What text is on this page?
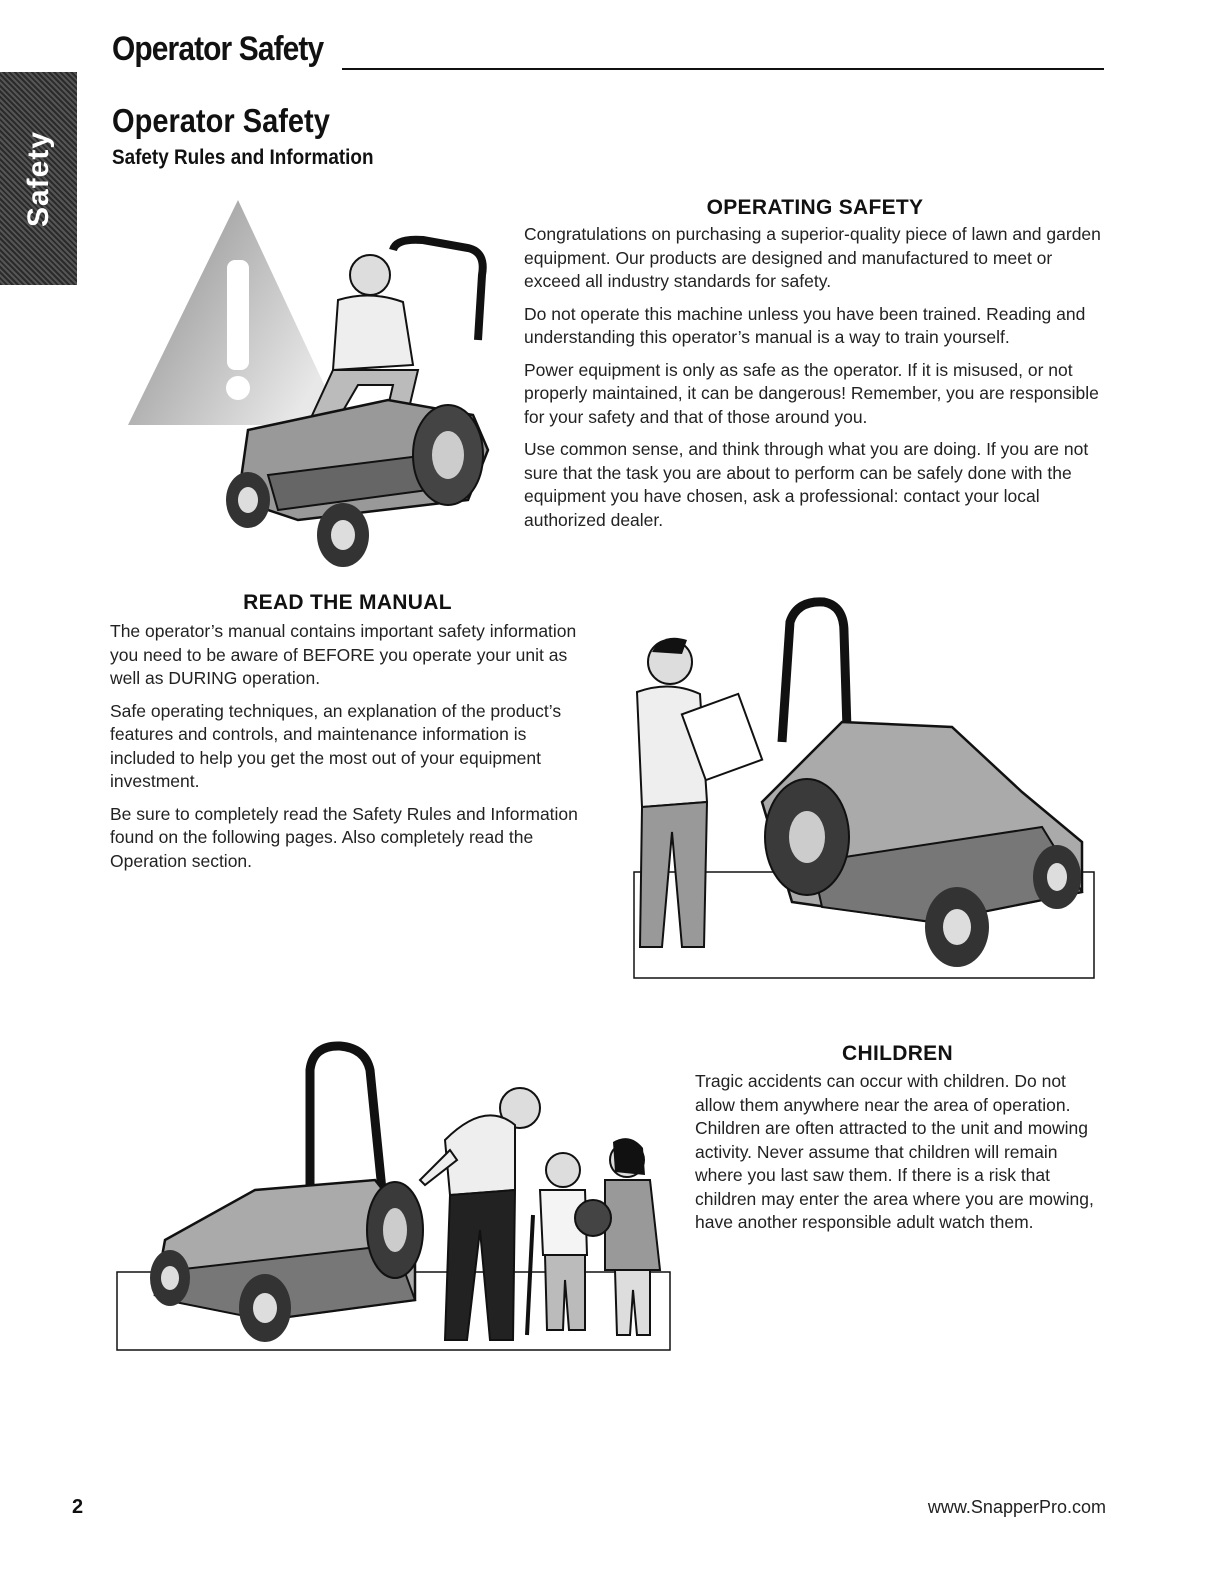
Operator Safety
Safety
Operator Safety
Safety Rules and Information
OPERATING SAFETY

Congratulations on purchasing a superior-quality piece of lawn and garden equipment. Our products are designed and manufactured to meet or exceed all industry standards for safety.

Do not operate this machine unless you have been trained. Reading and understanding this operator’s manual is a way to train yourself.

Power equipment is only as safe as the operator. If it is misused, or not properly maintained, it can be dangerous! Remember, you are responsible for your safety and that of those around you.

Use common sense, and think through what you are doing. If you are not sure that the task you are about to perform can be safely done with the equipment you have chosen, ask a professional: contact your local authorized dealer.

READ THE MANUAL

The operator’s manual contains important safety information you need to be aware of BEFORE you operate your unit as well as DURING operation.

Safe operating techniques, an explanation of the product’s features and controls, and maintenance information is included to help you get the most out of your equipment investment.

Be sure to completely read the Safety Rules and Information found on the following pages. Also completely read the Operation section.

CHILDREN

Tragic accidents can occur with children. Do not allow them anywhere near the area of operation. Children are often attracted to the unit and mowing activity. Never assume that children will remain where you last saw them. If there is a risk that children may enter the area where you are mowing, have another responsible adult watch them.

2	www.SnapperPro.com
